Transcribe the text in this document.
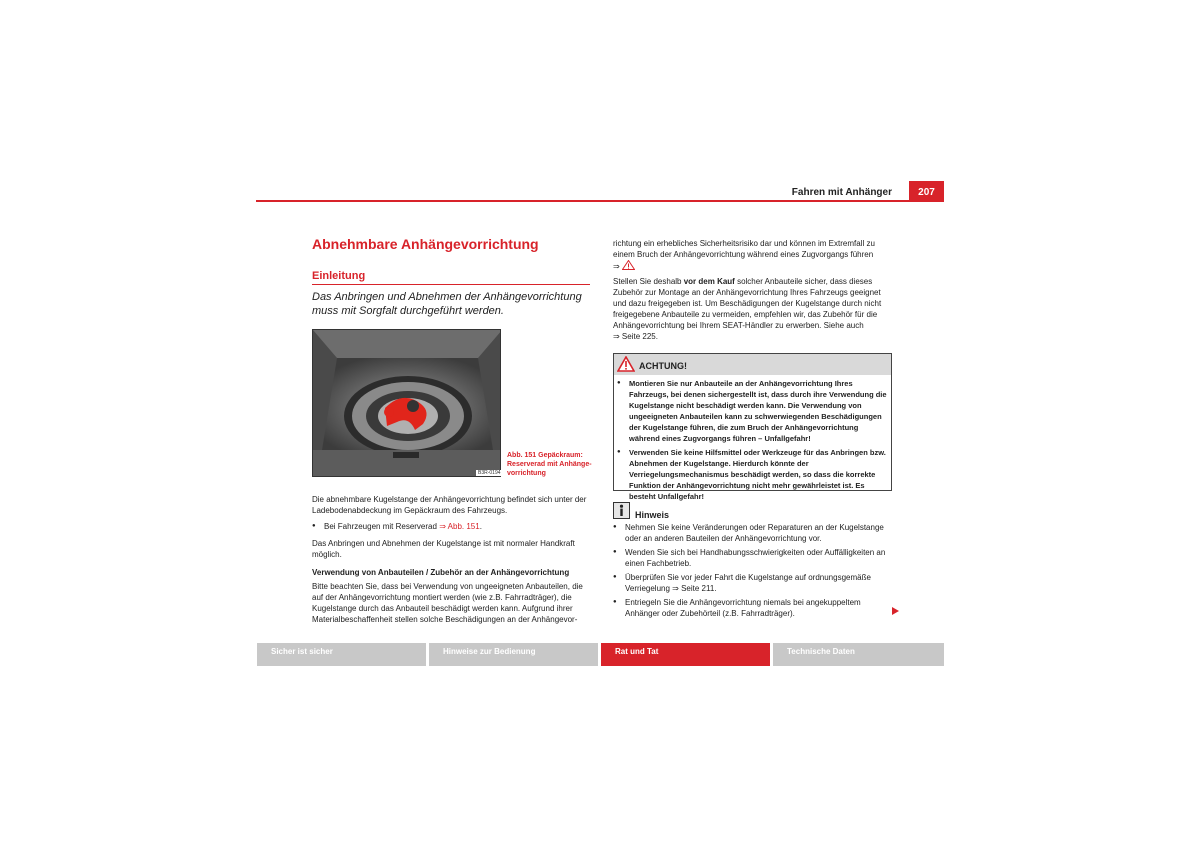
Fahren mit Anhänger	207
Abnehmbare Anhängevorrichtung
Einleitung
Das Anbringen und Abnehmen der Anhängevorrichtung muss mit Sorgfalt durchgeführt werden.
B3R-0194
Abb. 151 Gepäckraum: Reserverad mit Anhängevorrichtung
Die abnehmbare Kugelstange der Anhängevorrichtung befindet sich unter der Ladebodenabdeckung im Gepäckraum des Fahrzeugs.
● Bei Fahrzeugen mit Reserverad ⇒ Abb. 151.
Das Anbringen und Abnehmen der Kugelstange ist mit normaler Handkraft möglich.
Verwendung von Anbauteilen / Zubehör an der Anhängevorrichtung
Bitte beachten Sie, dass bei Verwendung von ungeeigneten Anbauteilen, die auf der Anhängevorrichtung montiert werden (wie z.B. Fahrradträger), die Kugelstange durch das Anbauteil beschädigt werden kann. Aufgrund ihrer Materialbeschaffenheit stellen solche Beschädigungen an der Anhängevor-
richtung ein erhebliches Sicherheitsrisiko dar und können im Extremfall zu einem Bruch der Anhängevorrichtung während eines Zugvorgangs führen
⇒
Stellen Sie deshalb vor dem Kauf solcher Anbauteile sicher, dass dieses Zubehör zur Montage an der Anhängevorrichtung Ihres Fahrzeugs geeignet und dazu freigegeben ist. Um Beschädigungen der Kugelstange durch nicht freigegebene Anbauteile zu vermeiden, empfehlen wir, das Zubehör für die Anhängevorrichtung bei Ihrem SEAT-Händler zu erwerben. Siehe auch
⇒ Seite 225.
ACHTUNG!
● Montieren Sie nur Anbauteile an der Anhängevorrichtung Ihres Fahrzeugs, bei denen sichergestellt ist, dass durch ihre Verwendung die Kugelstange nicht beschädigt werden kann. Die Verwendung von ungeeigneten Anbauteilen kann zu schwerwiegenden Beschädigungen der Kugelstange führen, die zum Bruch der Anhängevorrichtung während eines Zugvorgangs führen – Unfallgefahr!
● Verwenden Sie keine Hilfsmittel oder Werkzeuge für das Anbringen bzw. Abnehmen der Kugelstange. Hierdurch könnte der Verriegelungsmechanismus beschädigt werden, so dass die korrekte Funktion der Anhängevorrichtung nicht mehr gewährleistet ist. Es besteht Unfallgefahr!
Hinweis
● Nehmen Sie keine Veränderungen oder Reparaturen an der Kugelstange oder an anderen Bauteilen der Anhängevorrichtung vor.
● Wenden Sie sich bei Handhabungsschwierigkeiten oder Auffälligkeiten an einen Fachbetrieb.
● Überprüfen Sie vor jeder Fahrt die Kugelstange auf ordnungsgemäße Verriegelung ⇒ Seite 211.
● Entriegeln Sie die Anhängevorrichtung niemals bei angekuppeltem Anhänger oder Zubehörteil (z.B. Fahrradträger).
Sicher ist sicher	Hinweise zur Bedienung	Rat und Tat	Technische Daten
